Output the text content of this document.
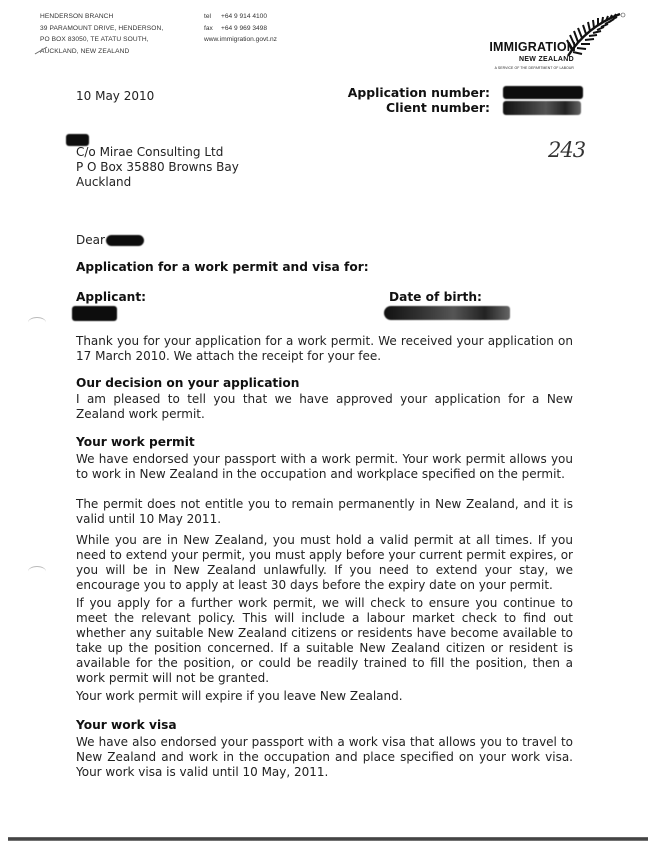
HENDERSON BRANCH
39 PARAMOUNT DRIVE, HENDERSON,
PO BOX 83050, TE ATATU SOUTH,
AUCKLAND, NEW ZEALAND
tel +64 9 914 4100
fax +64 9 969 3498
www.immigration.govt.nz
IMMIGRATION
NEW ZEALAND
A SERVICE OF THE DEPARTMENT OF LABOUR
10 May 2010	Application number:
Client number:
C/o Mirae Consulting Ltd
P O Box 35880 Browns Bay
Auckland
243
Dear
Application for a work permit and visa for:
Applicant:	Date of birth:
Thank you for your application for a work permit. We received your application on 17 March 2010. We attach the receipt for your fee.
Our decision on your application
I am pleased to tell you that we have approved your application for a New Zealand work permit.
Your work permit
We have endorsed your passport with a work permit. Your work permit allows you to work in New Zealand in the occupation and workplace specified on the permit.
The permit does not entitle you to remain permanently in New Zealand, and it is valid until 10 May 2011.
While you are in New Zealand, you must hold a valid permit at all times. If you need to extend your permit, you must apply before your current permit expires, or you will be in New Zealand unlawfully. If you need to extend your stay, we encourage you to apply at least 30 days before the expiry date on your permit.
If you apply for a further work permit, we will check to ensure you continue to meet the relevant policy. This will include a labour market check to find out whether any suitable New Zealand citizens or residents have become available to take up the position concerned. If a suitable New Zealand citizen or resident is available for the position, or could be readily trained to fill the position, then a work permit will not be granted.
Your work permit will expire if you leave New Zealand.
Your work visa
We have also endorsed your passport with a work visa that allows you to travel to New Zealand and work in the occupation and place specified on your work visa. Your work visa is valid until 10 May, 2011.
